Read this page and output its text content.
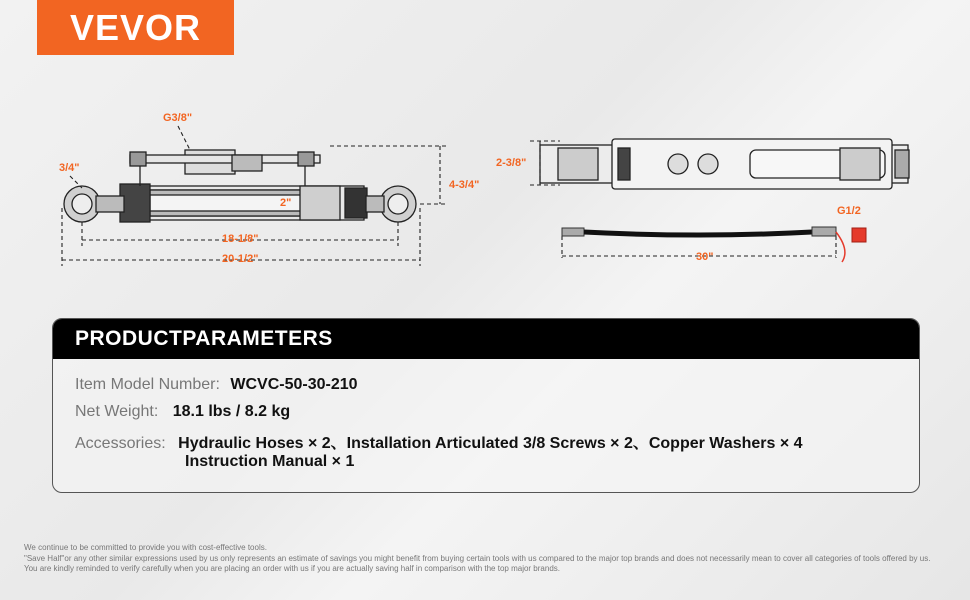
VEVOR
G3/8"
3/4"
2"
4-3/4"
18-1/8"
20-1/2"
2-3/8"
G1/2
30"
PRODUCTPARAMETERS
Item Model Number: WCVC-50-30-210
Net Weight: 18.1 lbs / 8.2 kg
Accessories: Hydraulic Hoses × 2、Installation Articulated 3/8 Screws × 2、Copper Washers × 4
Instruction Manual × 1
We continue to be committed to provide you with cost-effective tools.
"Save Half"or any other similar expressions used by us only represents an estimate of savings you might benefit from buying certain tools with us compared to the major top brands and does not necessarily mean to cover all categories of tools offered by us.
You are kindly reminded to verify carefully when you are placing an order with us if you are actually saving half in comparison with the top major brands.
